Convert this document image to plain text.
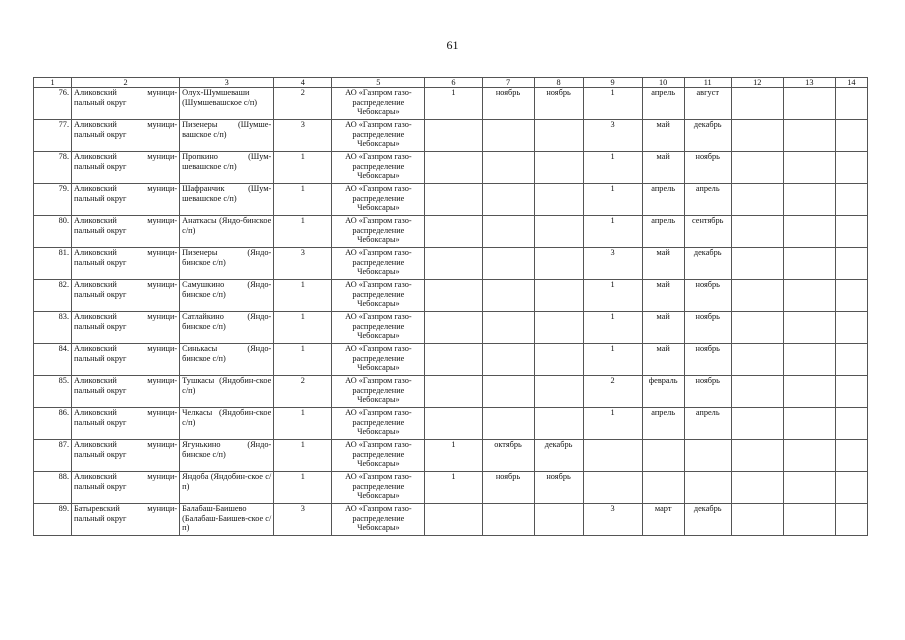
61
1	2	3	4	5	6	7	8	9	10	11	12	13	14
76.	Аликовский муници-пальный округ	Олух-Шумшеваши (Шумшевашское с/п)	2	АО «Газпром газо-распределение Чебоксары»	1	ноябрь	ноябрь	1	апрель	август			
77.	Аликовский муници-пальный округ	Пизенеры (Шумше-вашское с/п)	3	АО «Газпром газо-распределение Чебоксары»				3	май	декабрь			
78.	Аликовский муници-пальный округ	Пропкино (Шум-шевашское с/п)	1	АО «Газпром газо-распределение Чебоксары»				1	май	ноябрь			
79.	Аликовский муници-пальный округ	Шафранчик (Шум-шевашское с/п)	1	АО «Газпром газо-распределение Чебоксары»				1	апрель	апрель			
80.	Аликовский муници-пальный округ	Анаткасы (Яндо-бинское с/п)	1	АО «Газпром газо-распределение Чебоксары»				1	апрель	сентябрь			
81.	Аликовский муници-пальный округ	Пизенеры (Яндо-бинское с/п)	3	АО «Газпром газо-распределение Чебоксары»				3	май	декабрь			
82.	Аликовский муници-пальный округ	Самушкино (Яндо-бинское с/п)	1	АО «Газпром газо-распределение Чебоксары»				1	май	ноябрь			
83.	Аликовский муници-пальный округ	Сатлайкино (Яндо-бинское с/п)	1	АО «Газпром газо-распределение Чебоксары»				1	май	ноябрь			
84.	Аликовский муници-пальный округ	Синькасы (Яндо-бинское с/п)	1	АО «Газпром газо-распределение Чебоксары»				1	май	ноябрь			
85.	Аликовский муници-пальный округ	Тушкасы (Яндобин-ское с/п)	2	АО «Газпром газо-распределение Чебоксары»				2	февраль	ноябрь			
86.	Аликовский муници-пальный округ	Челкасы (Яндобин-ское с/п)	1	АО «Газпром газо-распределение Чебоксары»				1	апрель	апрель			
87.	Аликовский муници-пальный округ	Ягунькино (Яндо-бинское с/п)	1	АО «Газпром газо-распределение Чебоксары»	1	октябрь	декабрь						
88.	Аликовский муници-пальный округ	Яндоба (Яндобин-ское с/п)	1	АО «Газпром газо-распределение Чебоксары»	1	ноябрь	ноябрь						
89.	Батыревский муници-пальный округ	Балабаш-Баишево (Балабаш-Баишев-ское с/п)	3	АО «Газпром газо-распределение Чебоксары»				3	март	декабрь			
